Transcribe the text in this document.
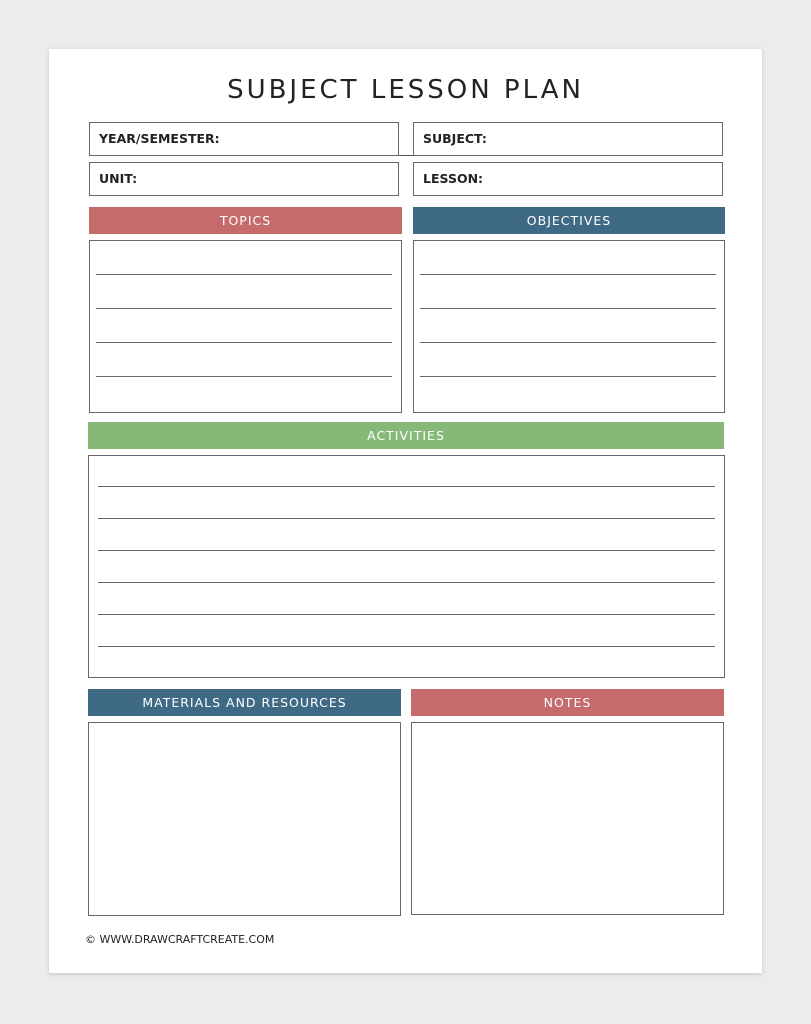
SUBJECT LESSON PLAN
YEAR/SEMESTER:	SUBJECT:
UNIT:	LESSON:
TOPICS	OBJECTIVES
ACTIVITIES
MATERIALS AND RESOURCES	NOTES
© WWW.DRAWCRAFTCREATE.COM
